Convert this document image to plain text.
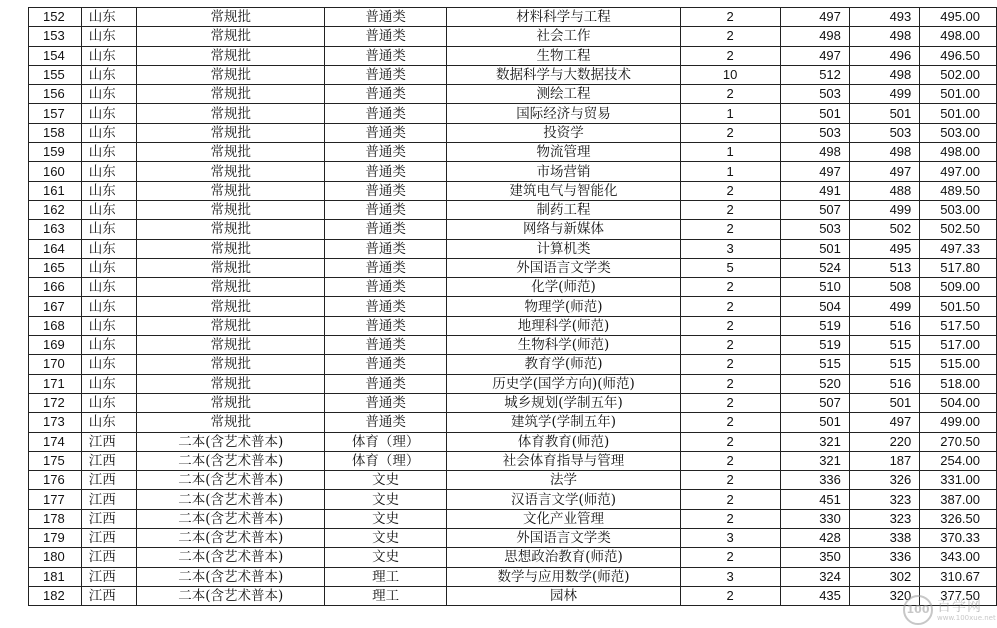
152	山东	常规批	普通类	材料科学与工程	2	497	493	495.00
153	山东	常规批	普通类	社会工作	2	498	498	498.00
154	山东	常规批	普通类	生物工程	2	497	496	496.50
155	山东	常规批	普通类	数据科学与大数据技术	10	512	498	502.00
156	山东	常规批	普通类	测绘工程	2	503	499	501.00
157	山东	常规批	普通类	国际经济与贸易	1	501	501	501.00
158	山东	常规批	普通类	投资学	2	503	503	503.00
159	山东	常规批	普通类	物流管理	1	498	498	498.00
160	山东	常规批	普通类	市场营销	1	497	497	497.00
161	山东	常规批	普通类	建筑电气与智能化	2	491	488	489.50
162	山东	常规批	普通类	制药工程	2	507	499	503.00
163	山东	常规批	普通类	网络与新媒体	2	503	502	502.50
164	山东	常规批	普通类	计算机类	3	501	495	497.33
165	山东	常规批	普通类	外国语言文学类	5	524	513	517.80
166	山东	常规批	普通类	化学(师范)	2	510	508	509.00
167	山东	常规批	普通类	物理学(师范)	2	504	499	501.50
168	山东	常规批	普通类	地理科学(师范)	2	519	516	517.50
169	山东	常规批	普通类	生物科学(师范)	2	519	515	517.00
170	山东	常规批	普通类	教育学(师范)	2	515	515	515.00
171	山东	常规批	普通类	历史学(国学方向)(师范)	2	520	516	518.00
172	山东	常规批	普通类	城乡规划(学制五年)	2	507	501	504.00
173	山东	常规批	普通类	建筑学(学制五年)	2	501	497	499.00
174	江西	二本(含艺术普本)	体育（理）	体育教育(师范)	2	321	220	270.50
175	江西	二本(含艺术普本)	体育（理）	社会体育指导与管理	2	321	187	254.00
176	江西	二本(含艺术普本)	文史	法学	2	336	326	331.00
177	江西	二本(含艺术普本)	文史	汉语言文学(师范)	2	451	323	387.00
178	江西	二本(含艺术普本)	文史	文化产业管理	2	330	323	326.50
179	江西	二本(含艺术普本)	文史	外国语言文学类	3	428	338	370.33
180	江西	二本(含艺术普本)	文史	思想政治教育(师范)	2	350	336	343.00
181	江西	二本(含艺术普本)	理工	数学与应用数学(师范)	3	324	302	310.67
182	江西	二本(含艺术普本)	理工	园林	2	435	320	377.50
100 百学网
www.100xue.net
